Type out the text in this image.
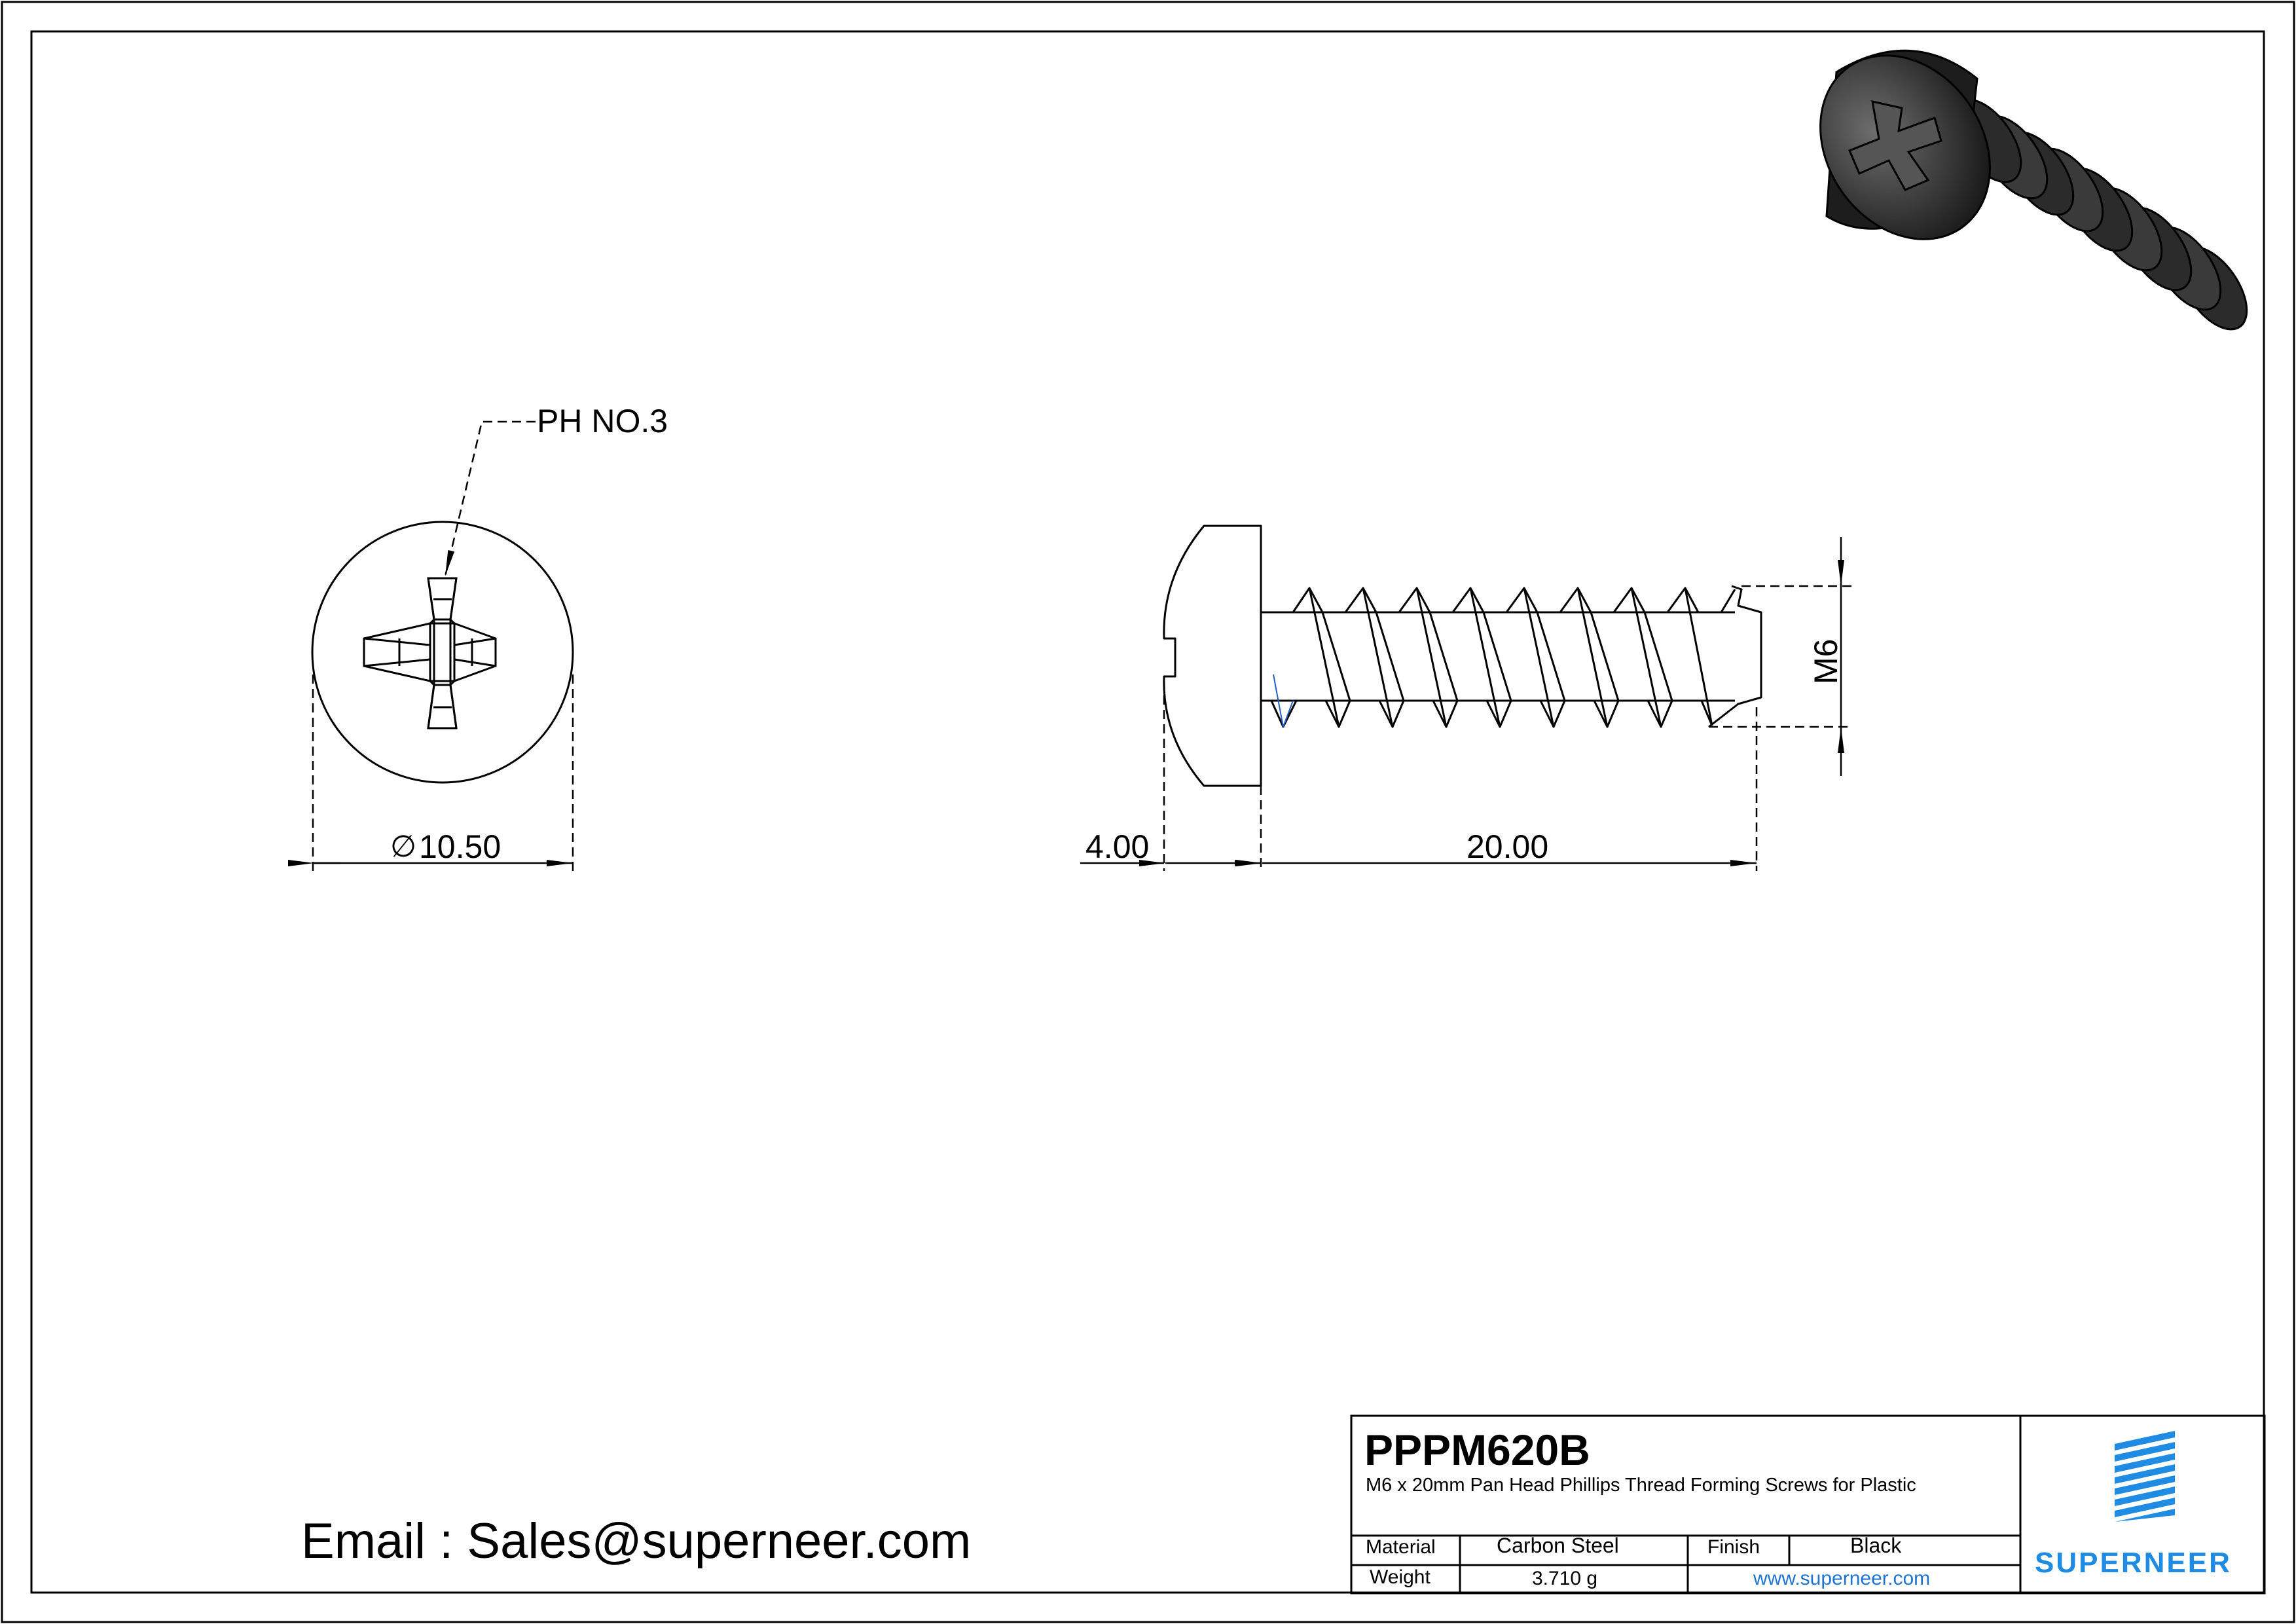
PH NO.3
∅ 10.50	4.00	20.00
M6
PPPM620B
M6 x 20mm Pan Head Phillips Thread Forming Screws for Plastic
Material	Carbon Steel	Finish	Black
Weight	3.710 g	www.superneer.com	SUPERNEER
Email : Sales@superneer.com
